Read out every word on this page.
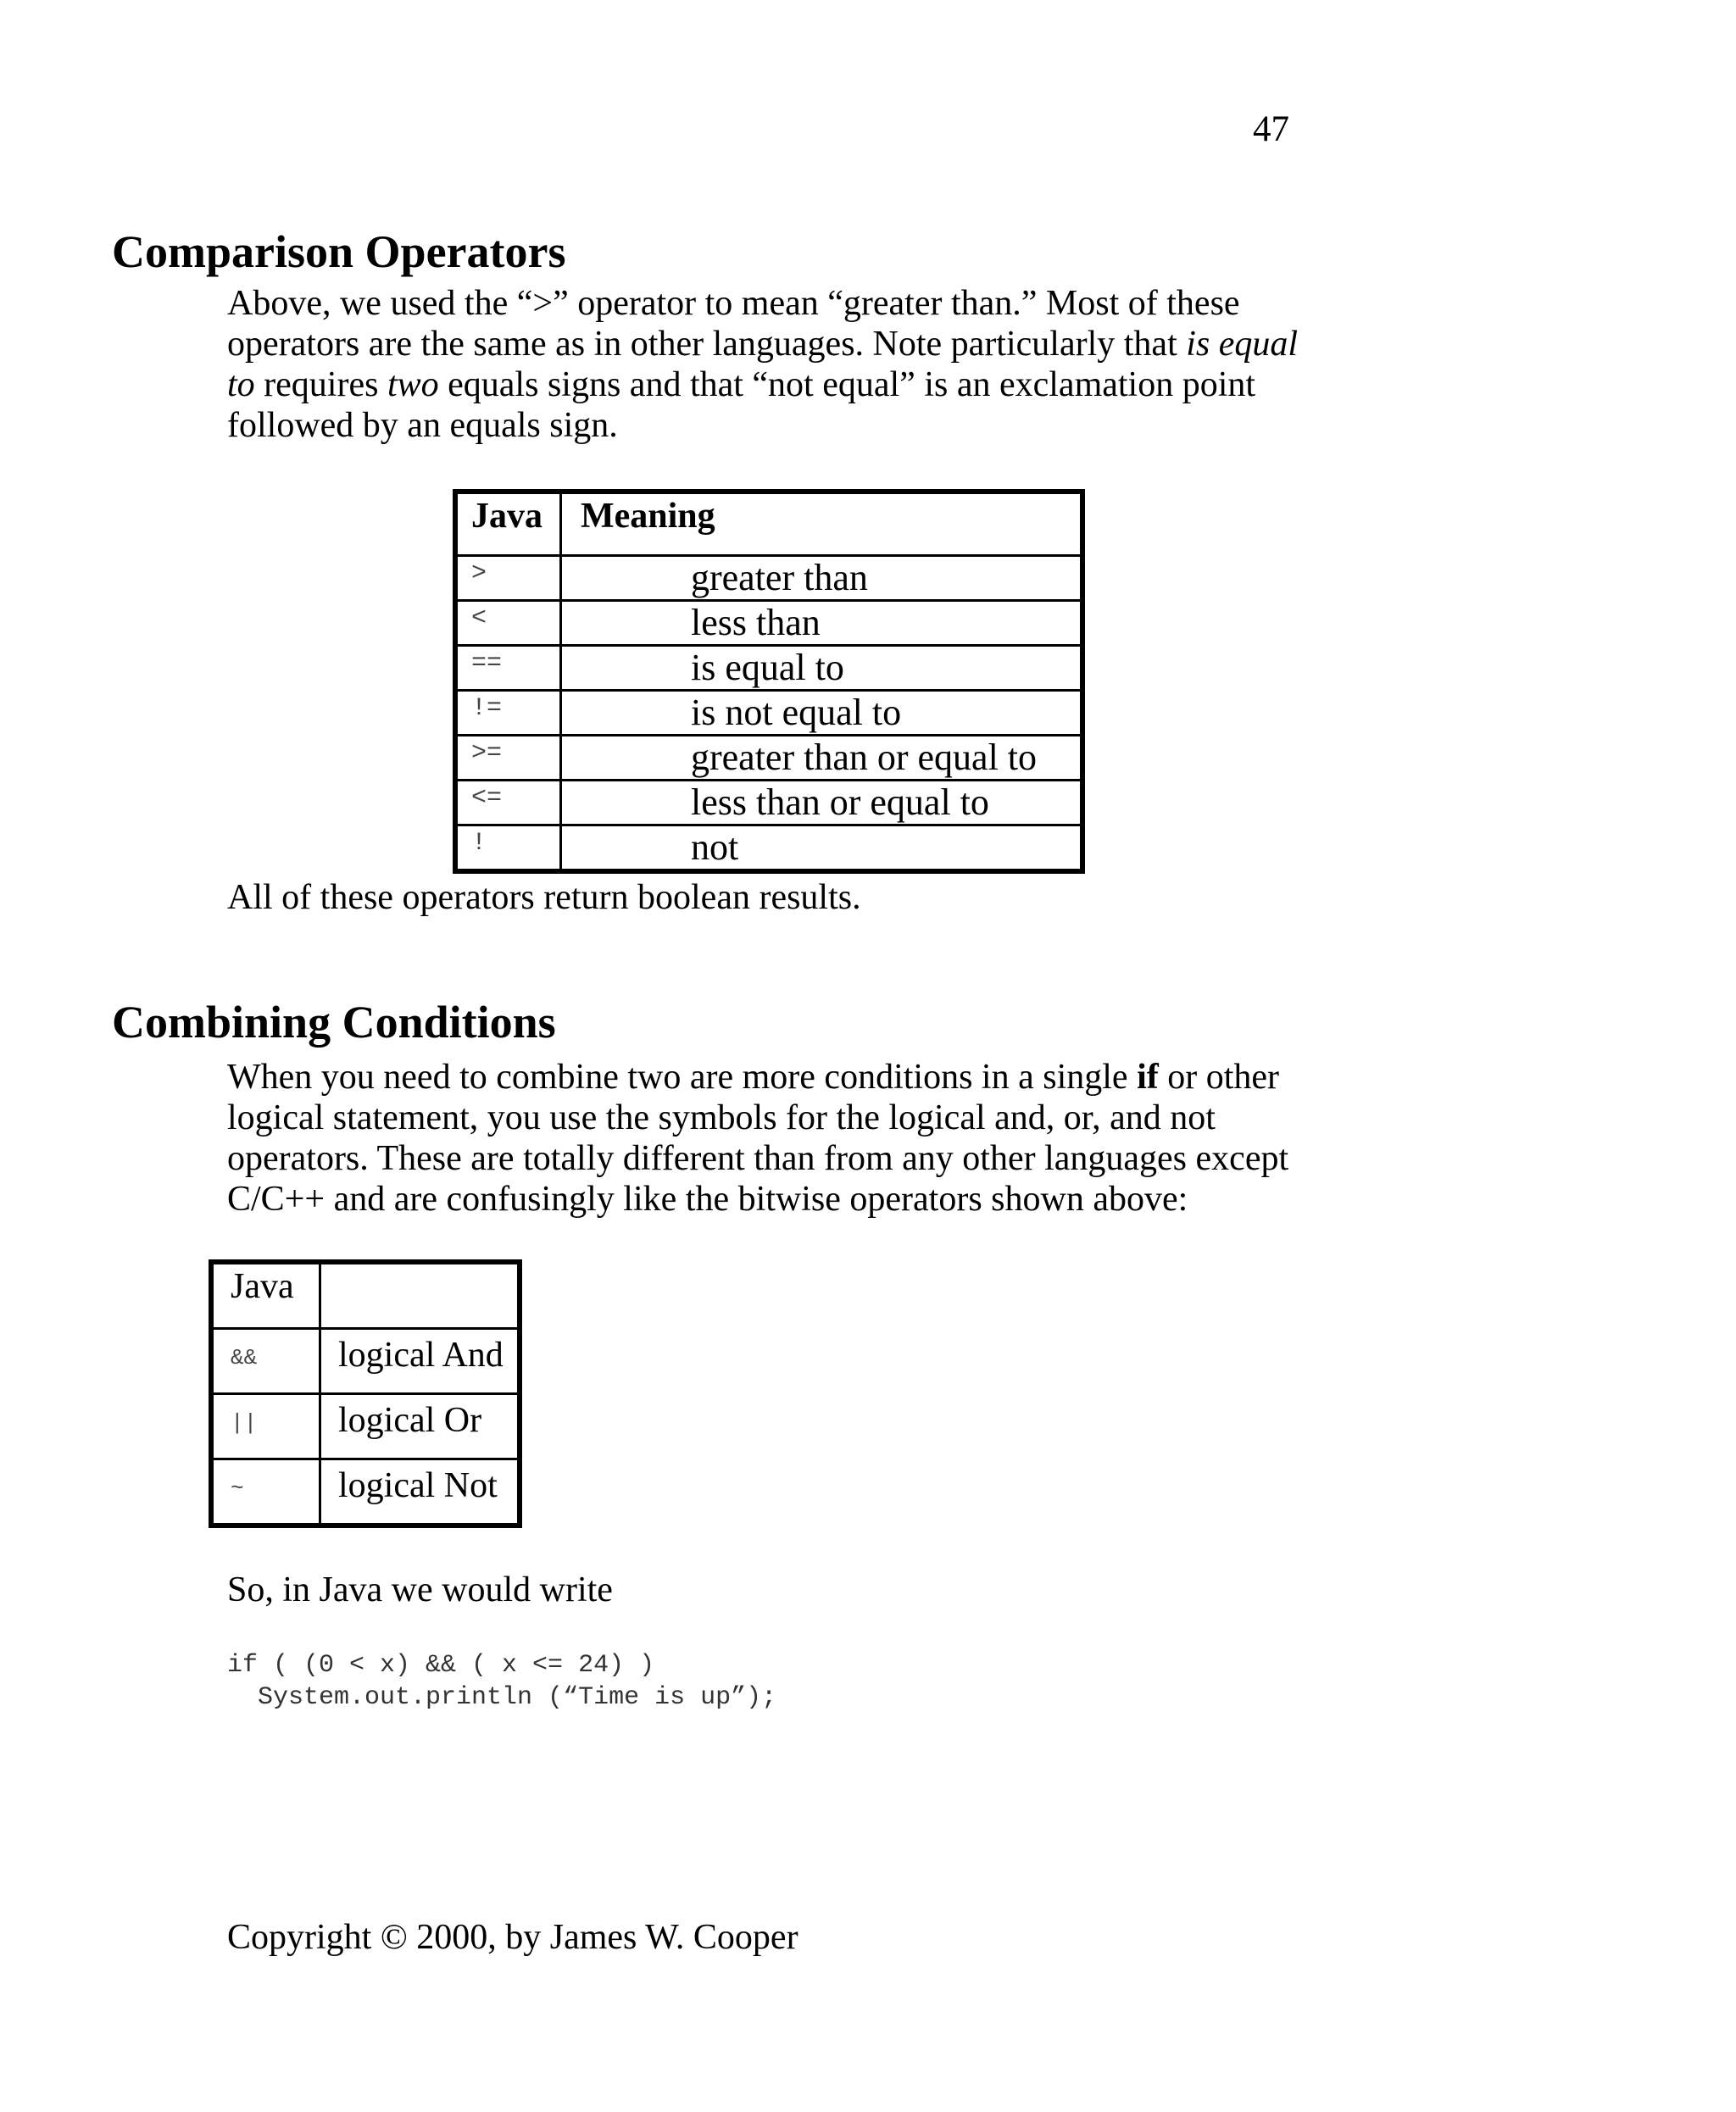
47
Comparison Operators

Above, we used the “>” operator to mean “greater than.” Most of these operators are the same as in other languages. Note particularly that is equal to requires two equals signs and that “not equal” is an exclamation point followed by an equals sign.

Java	Meaning
>	greater than
<	less than
==	is equal to
!=	is not equal to
>=	greater than or equal to
<=	less than or equal to
!	not

All of these operators return boolean results.

Combining Conditions

When you need to combine two are more conditions in a single if or other logical statement, you use the symbols for the logical and, or, and not operators. These are totally different than from any other languages except C/C++ and are confusingly like the bitwise operators shown above:

Java	
&&	logical And
||	logical Or
~	logical Not

So, in Java we would write

if ( (0 < x) && ( x <= 24) )
System.out.println (“Time is up”);

Copyright © 2000, by James W. Cooper
